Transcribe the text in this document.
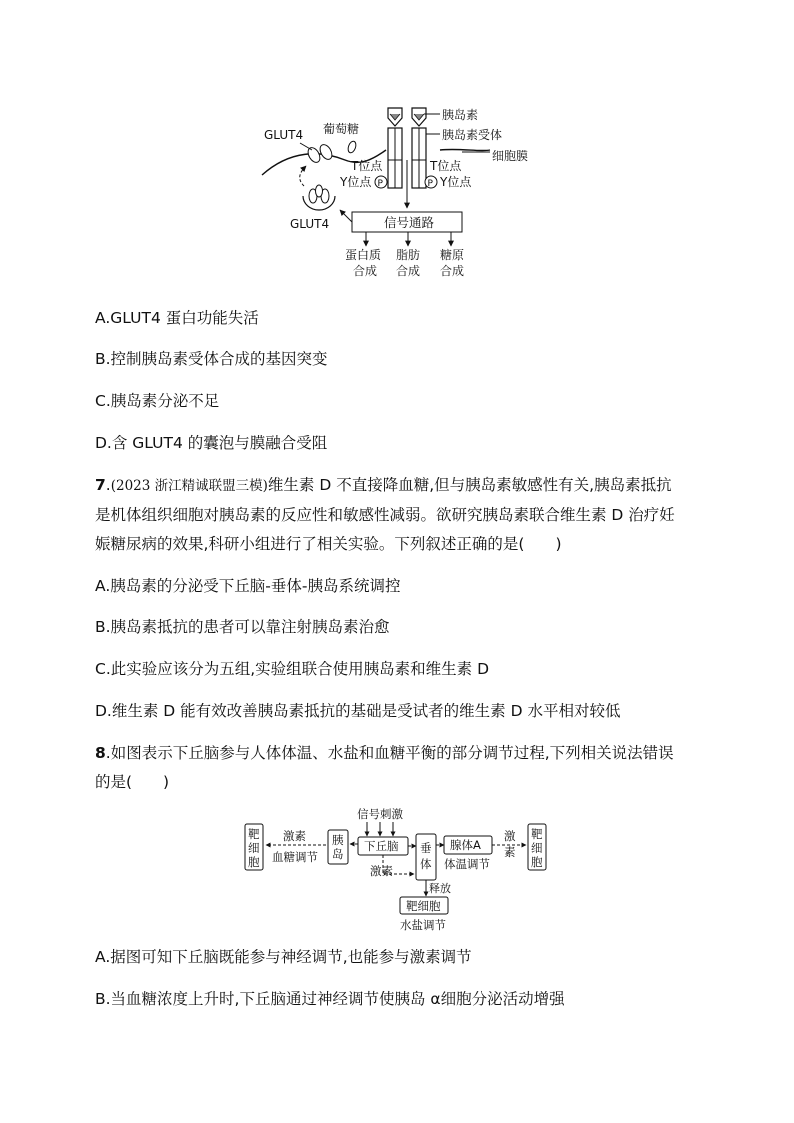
胰岛素
胰岛素受体
细胞膜
T位点
Y位点 P
T位点
P Y位点
GLUT4 葡萄糖
GLUT4	信号通路
蛋白质
合成
脂肪
合成
糖原
合成
A.GLUT4 蛋白功能失活
B.控制胰岛素受体合成的基因突变
C.胰岛素分泌不足
D.含 GLUT4 的囊泡与膜融合受阻
7.(2023 浙江精诚联盟三模)维生素 D 不直接降血糖,但与胰岛素敏感性有关,胰岛素抵抗
是机体组织细胞对胰岛素的反应性和敏感性减弱。欲研究胰岛素联合维生素 D 治疗妊
娠糖尿病的效果,科研小组进行了相关实验。下列叙述正确的是(　　)
A.胰岛素的分泌受下丘脑-垂体-胰岛系统调控
B.胰岛素抵抗的患者可以靠注射胰岛素治愈
C.此实验应该分为五组,实验组联合使用胰岛素和维生素 D
D.维生素 D 能有效改善胰岛素抵抗的基础是受试者的维生素 D 水平相对较低
8.如图表示下丘脑参与人体体温、水盐和血糖平衡的部分调节过程,下列相关说法错误
的是(　　)
靶 细 胞
激素
血糖调节
胰 岛
信号刺激
下丘脑
激素
垂 体
腺体A
体温调节
激 素
靶 细 胞
释放
靶细胞
水盐调节
A.据图可知下丘脑既能参与神经调节,也能参与激素调节
B.当血糖浓度上升时,下丘脑通过神经调节使胰岛 α细胞分泌活动增强
